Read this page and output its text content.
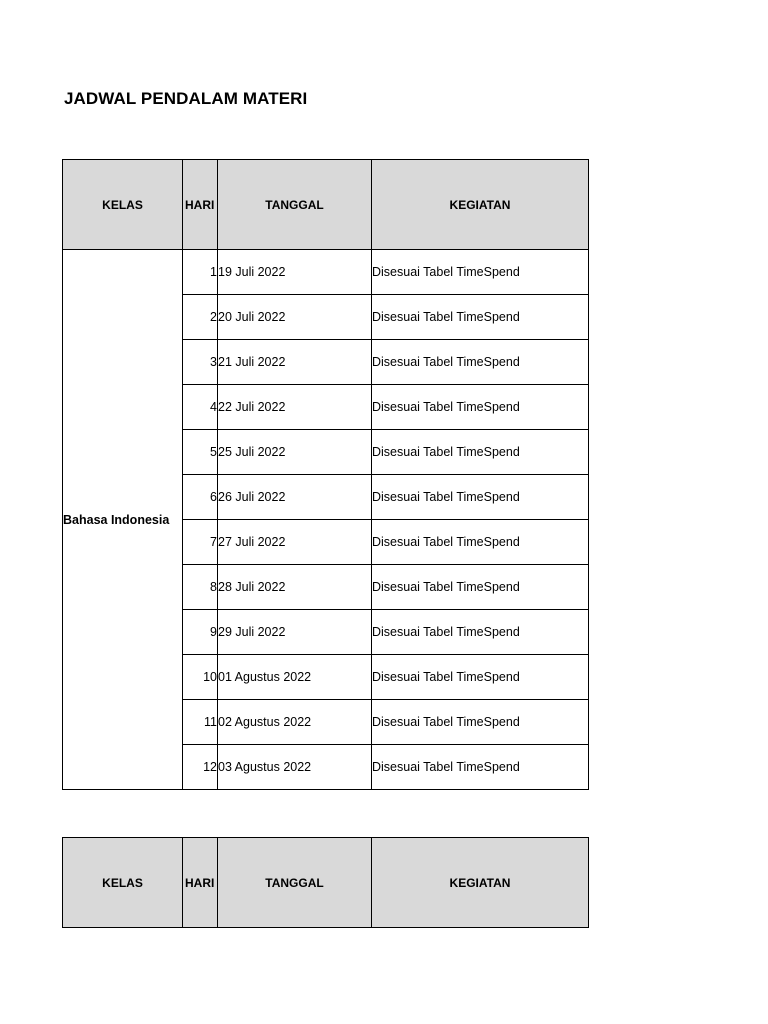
JADWAL PENDALAM MATERI
KELAS	HARI	TANGGAL	KEGIATAN
Bahasa Indonesia	1	19 Juli 2022	Disesuai Tabel TimeSpend
	2	20 Juli 2022	Disesuai Tabel TimeSpend
	3	21 Juli 2022	Disesuai Tabel TimeSpend
	4	22 Juli 2022	Disesuai Tabel TimeSpend
	5	25 Juli 2022	Disesuai Tabel TimeSpend
	6	26 Juli 2022	Disesuai Tabel TimeSpend
	7	27 Juli 2022	Disesuai Tabel TimeSpend
	8	28 Juli 2022	Disesuai Tabel TimeSpend
	9	29 Juli 2022	Disesuai Tabel TimeSpend
	10	01 Agustus 2022	Disesuai Tabel TimeSpend
	11	02 Agustus 2022	Disesuai Tabel TimeSpend
	12	03 Agustus 2022	Disesuai Tabel TimeSpend
KELAS	HARI	TANGGAL	KEGIATAN
